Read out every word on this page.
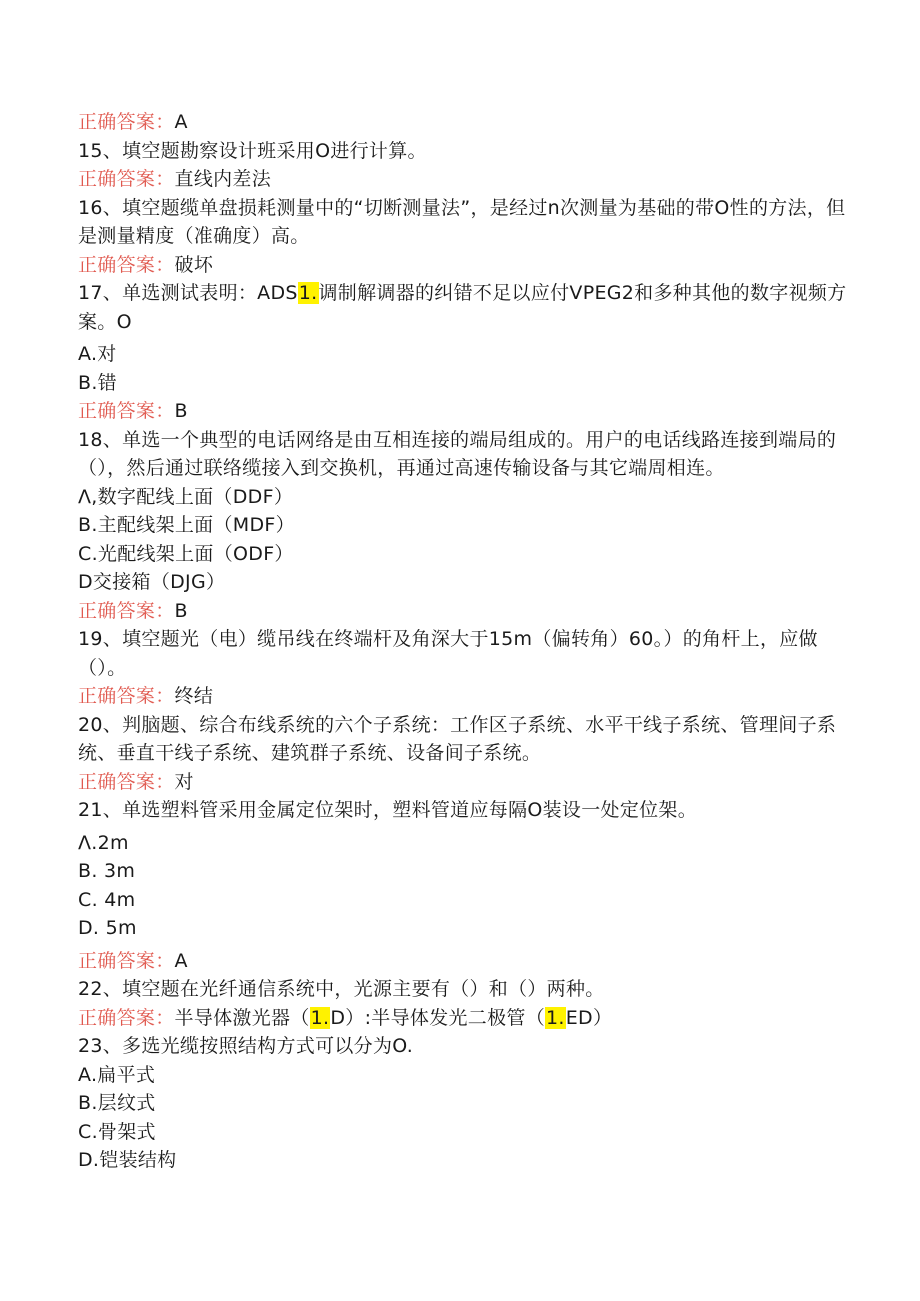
正确答案：A
15、填空题勘察设计班采用O进行计算。
正确答案：直线内差法
16、填空题缆单盘损耗测量中的“切断测量法”，是经过n次测量为基础的带O性的方法，但是测量精度（准确度）高。
正确答案：破坏
17、单选测试表明：ADS1.调制解调器的纠错不足以应付VPEG2和多种其他的数字视频方案。O
A.对
B.错
正确答案：B
18、单选一个典型的电话网络是由互相连接的端局组成的。用户的电话线路连接到端局的（），然后通过联络缆接入到交换机，再通过高速传输设备与其它端周相连。
Λ,数字配线上面（DDF）
B.主配线架上面（MDF）
C.光配线架上面（ODF）
D交接箱（DJG）
正确答案：B
19、填空题光（电）缆吊线在终端杆及角深大于15m（偏转角）60。）的角杆上，应做（）。
正确答案：终结
20、判脑题、综合布线系统的六个子系统：工作区子系统、水平干线子系统、管理间子系统、垂直干线子系统、建筑群子系统、设备间子系统。
正确答案：对
21、单选塑料管采用金属定位架时，塑料管道应每隔O装设一处定位架。
Λ.2m
B. 3m
C. 4m
D. 5m
正确答案：A
22、填空题在光纤通信系统中，光源主要有（）和（）两种。
正确答案：半导体激光器（1.D）:半导体发光二极管（1.ED）
23、多选光缆按照结构方式可以分为O.
A.扁平式
B.层纹式
C.骨架式
D.铠装结构
